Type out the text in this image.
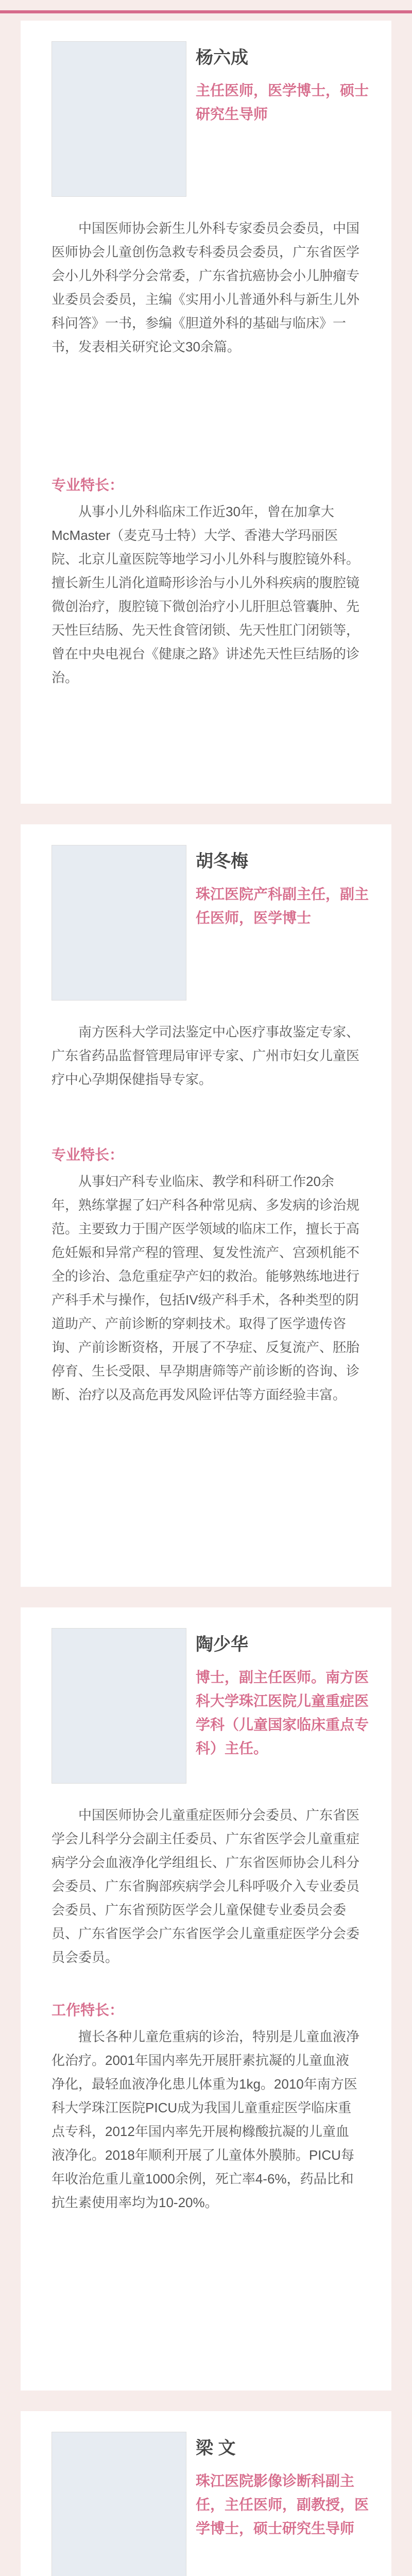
杨六成
主任医师，医学博士，硕士研究生导师
中国医师协会新生儿外科专家委员会委员，中国医师协会儿童创伤急救专科委员会委员，广东省医学会小儿外科学分会常委，广东省抗癌协会小儿肿瘤专业委员会委员，主编《实用小儿普通外科与新生儿外科问答》一书，参编《胆道外科的基础与临床》一书，发表相关研究论文30余篇。
专业特长：
从事小儿外科临床工作近30年，曾在加拿大McMaster（麦克马士特）大学、香港大学玛丽医院、北京儿童医院等地学习小儿外科与腹腔镜外科。擅长新生儿消化道畸形诊治与小儿外科疾病的腹腔镜微创治疗，腹腔镜下微创治疗小儿肝胆总管囊肿、先天性巨结肠、先天性食管闭锁、先天性肛门闭锁等，曾在中央电视台《健康之路》讲述先天性巨结肠的诊治。
胡冬梅
珠江医院产科副主任，副主任医师，医学博士
南方医科大学司法鉴定中心医疗事故鉴定专家、广东省药品监督管理局审评专家、广州市妇女儿童医疗中心孕期保健指导专家。
专业特长：
从事妇产科专业临床、教学和科研工作20余年，熟练掌握了妇产科各种常见病、多发病的诊治规范。主要致力于围产医学领域的临床工作，擅长于高危妊娠和异常产程的管理、复发性流产、宫颈机能不全的诊治、急危重症孕产妇的救治。能够熟练地进行产科手术与操作，包括IV级产科手术，各种类型的阴道助产、产前诊断的穿刺技术。取得了医学遗传咨询、产前诊断资格，开展了不孕症、反复流产、胚胎停育、生长受限、早孕期唐筛等产前诊断的咨询、诊断、治疗以及高危再发风险评估等方面经验丰富。
陶少华
博士，副主任医师。南方医科大学珠江医院儿童重症医学科（儿童国家临床重点专科）主任。
中国医师协会儿童重症医师分会委员、广东省医学会儿科学分会副主任委员、广东省医学会儿童重症病学分会血液净化学组组长、广东省医师协会儿科分会委员、广东省胸部疾病学会儿科呼吸介入专业委员会委员、广东省预防医学会儿童保健专业委员会委员、广东省医学会广东省医学会儿童重症医学分会委员会委员。
工作特长：
擅长各种儿童危重病的诊治，特别是儿童血液净化治疗。2001年国内率先开展肝素抗凝的儿童血液净化，最轻血液净化患儿体重为1kg。2010年南方医科大学珠江医院PICU成为我国儿童重症医学临床重点专科，2012年国内率先开展枸橼酸抗凝的儿童血液净化。2018年顺利开展了儿童体外膜肺。PICU每年收治危重儿童1000余例，死亡率4-6%，药品比和抗生素使用率均为10-20%。
梁 文
珠江医院影像诊断科副主任，主任医师，副教授，医学博士，硕士研究生导师
